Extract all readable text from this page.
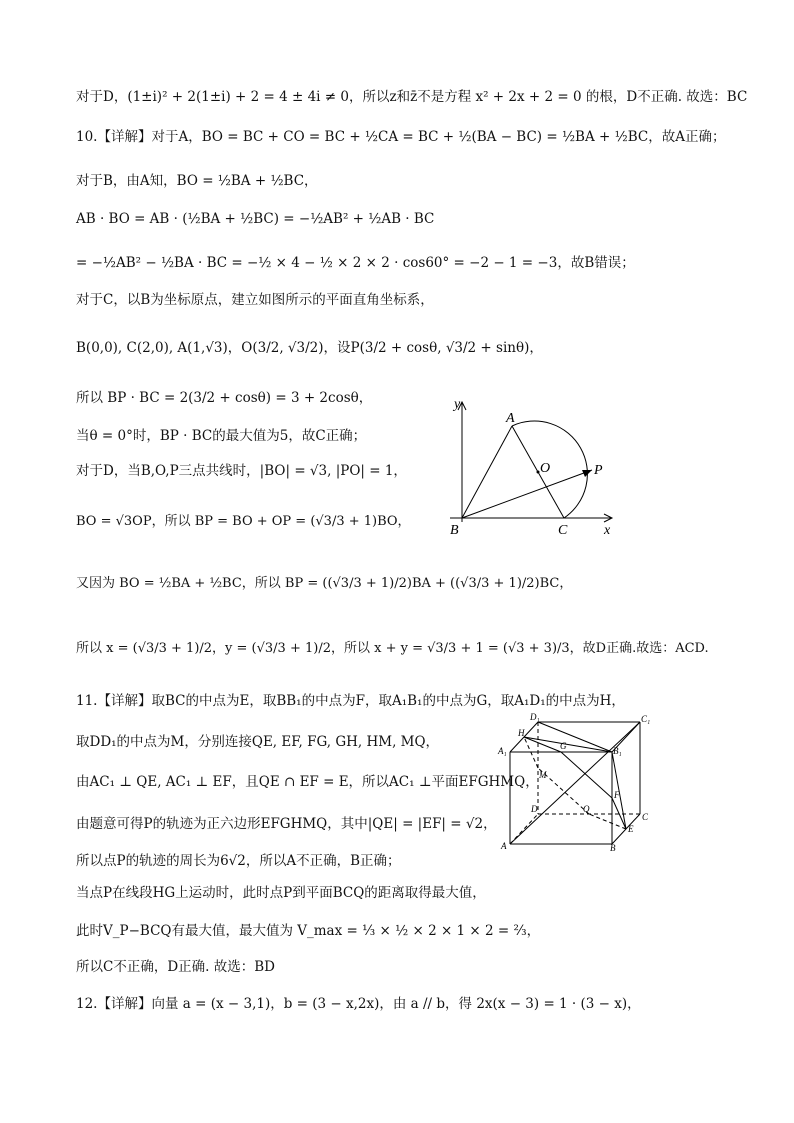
对于D，(1±i)² + 2(1±i) + 2 = 4 ± 4i ≠ 0，所以z和z̄不是方程 x² + 2x + 2 = 0 的根，D不正确. 故选：BC
10.【详解】对于A，BO = BC + CO = BC + ½CA = BC + ½(BA − BC) = ½BA + ½BC，故A正确；
对于B，由A知，BO = ½BA + ½BC，
AB · BO = AB · (½BA + ½BC) = −½AB² + ½AB · BC
= −½AB² − ½BA · BC = −½ × 4 − ½ × 2 × 2 · cos60° = −2 − 1 = −3，故B错误；
对于C，以B为坐标原点，建立如图所示的平面直角坐标系，
B(0,0), C(2,0), A(1,√3)，O(3/2, √3/2)，设P(3/2 + cosθ, √3/2 + sinθ)，
所以 BP · BC = 2(3/2 + cosθ) = 3 + 2cosθ，
当θ = 0°时，BP · BC的最大值为5，故C正确；
对于D，当B,O,P三点共线时，|BO| = √3, |PO| = 1，
BO = √3OP，所以 BP = BO + OP = (√3/3 + 1)BO，
又因为 BO = ½BA + ½BC，所以 BP = ((√3/3 + 1)/2)BA + ((√3/3 + 1)/2)BC，
所以 x = (√3/3 + 1)/2，y = (√3/3 + 1)/2，所以 x + y = √3/3 + 1 = (√3 + 3)/3，故D正确.故选：ACD.
11.【详解】取BC的中点为E，取BB₁的中点为F，取A₁B₁的中点为G，取A₁D₁的中点为H，
取DD₁的中点为M，分别连接QE, EF, FG, GH, HM, MQ，
由AC₁ ⊥ QE, AC₁ ⊥ EF，且QE ∩ EF = E，所以AC₁ ⊥平面EFGHMQ，
由题意可得P的轨迹为正六边形EFGHMQ，其中|QE| = |EF| = √2，
所以点P的轨迹的周长为6√2，所以A不正确，B正确；
当点P在线段HG上运动时，此时点P到平面BCQ的距离取得最大值，
此时V_P−BCQ有最大值，最大值为 V_max = ⅓ × ½ × 2 × 1 × 2 = ⅔，
所以C不正确，D正确. 故选：BD
12.【详解】向量 a = (x − 3,1)，b = (3 − x,2x)，由 a // b，得 2x(x − 3) = 1 · (3 − x)，
y
x
A
O	P
B	C
D₁	C₁
A₁	B₁
H
G
M
F
D	Q
C
E
A	B
